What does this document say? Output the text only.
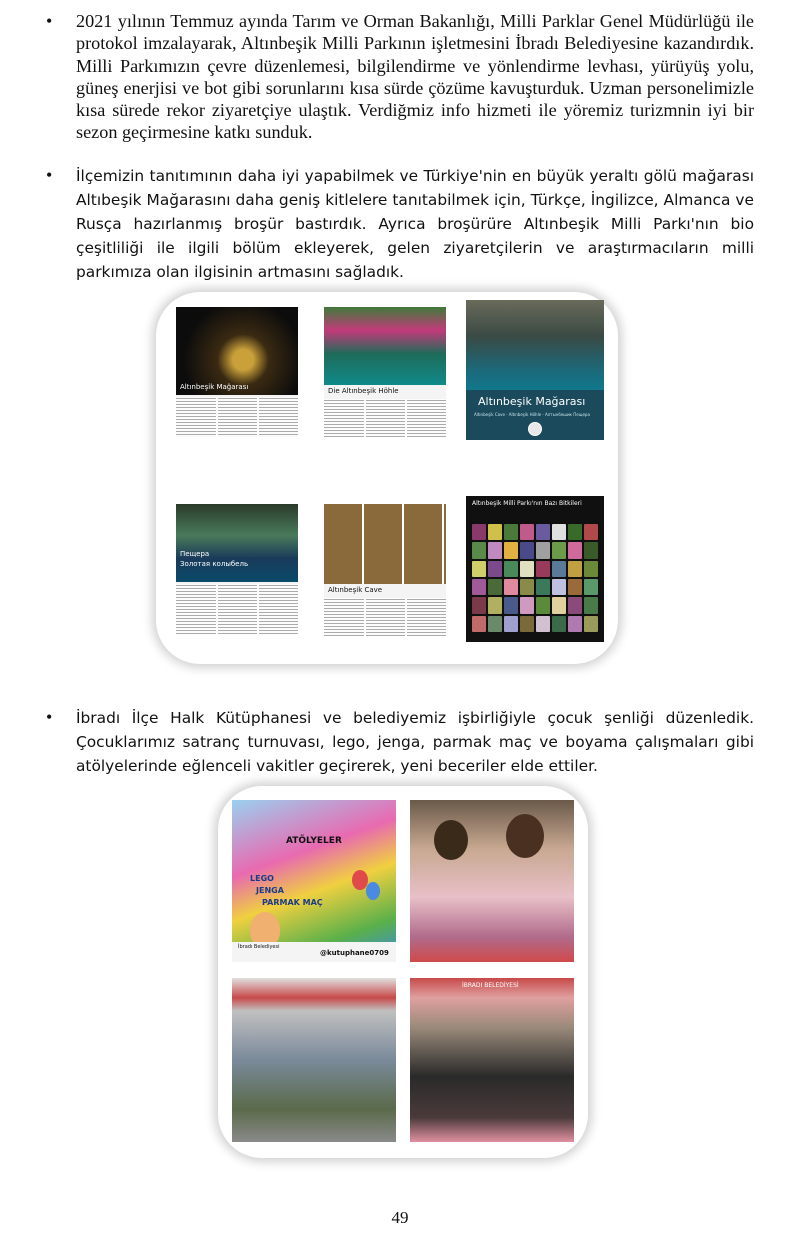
•	2021 yılının Temmuz ayında Tarım ve Orman Bakanlığı, Milli Parklar Genel Müdürlüğü ile protokol imzalayarak, Altınbeşik Milli Parkının işletmesini İbradı Belediyesine kazandırdık. Milli Parkımızın çevre düzenlemesi, bilgilendirme ve yönlendirme levhası, yürüyüş yolu, güneş enerjisi ve bot gibi sorunlarını kısa sürde çözüme kavuşturduk. Uzman personelimizle kısa sürede rekor ziyaretçiye ulaştık. Verdiğmiz info hizmeti ile yöremiz turizmnin iyi bir sezon geçirmesine katkı sunduk.

•	İlçemizin tanıtımının daha iyi yapabilmek ve Türkiye'nin en büyük yeraltı gölü mağarası Altıbeşik Mağarasını daha geniş kitlelere tanıtabilmek için, Türkçe, İngilizce, Almanca ve Rusça hazırlanmış broşür bastırdık. Ayrıca broşürüre Altınbeşik Milli Parkı'nın bio çeşitliliği ile ilgili bölüm ekleyerek, gelen ziyaretçilerin ve araştırmacıların milli parkımıza olan ilgisinin artmasını sağladık.

Altınbeşik Mağarası	Die Altınbeşik Höhle
Altınbeşik Mağarası
Altınbeşik Cave · Altınbeşik Höhle · Алтынбешик Пещера
Пещера
Золотая колыбель
Altınbeşik Cave
Altınbeşik Milli Parkı'nın Bazı Bitkileri
•	İbradı İlçe Halk Kütüphanesi ve belediyemiz işbirliğiyle çocuk şenliği düzenledik. Çocuklarımız satranç turnuvası, lego, jenga, parmak maç ve boyama çalışmaları gibi atölyelerinde eğlenceli vakitler geçirerek, yeni beceriler elde ettiler.

ATÖLYELER
LEGO
JENGA
PARMAK MAÇ
İbradı Belediyesi
@kutuphane0709
İBRADI BELEDİYESİ
49
